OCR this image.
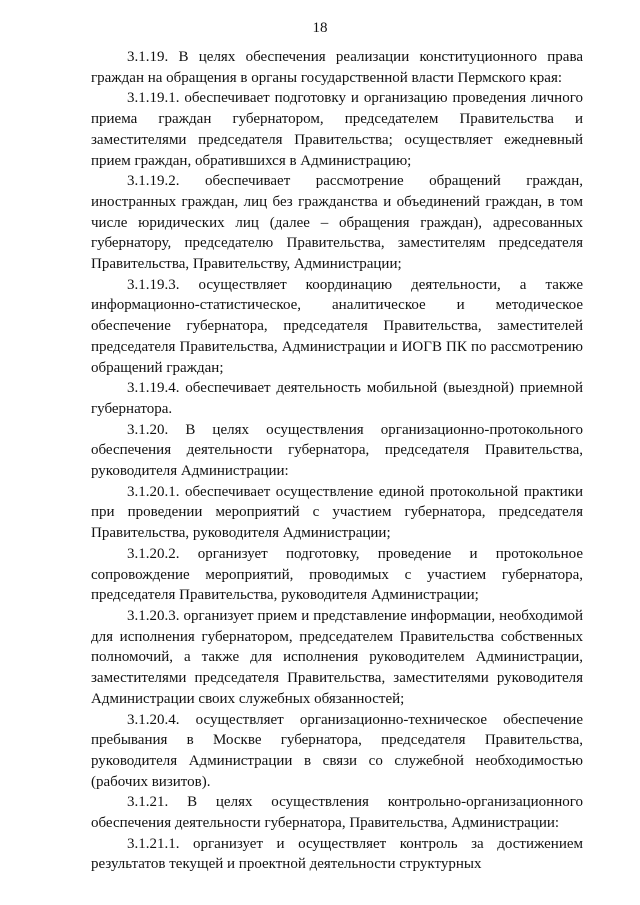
18

3.1.19. В целях обеспечения реализации конституционного права граждан на обращения в органы государственной власти Пермского края:

3.1.19.1. обеспечивает подготовку и организацию проведения личного приема граждан губернатором, председателем Правительства и заместителями председателя Правительства; осуществляет ежедневный прием граждан, обратившихся в Администрацию;

3.1.19.2. обеспечивает рассмотрение обращений граждан, иностранных граждан, лиц без гражданства и объединений граждан, в том числе юридических лиц (далее – обращения граждан), адресованных губернатору, председателю Правительства, заместителям председателя Правительства, Правительству, Администрации;

3.1.19.3. осуществляет координацию деятельности, а также информационно-статистическое, аналитическое и методическое обеспечение губернатора, председателя Правительства, заместителей председателя Правительства, Администрации и ИОГВ ПК по рассмотрению обращений граждан;

3.1.19.4. обеспечивает деятельность мобильной (выездной) приемной губернатора.

3.1.20. В целях осуществления организационно-протокольного обеспечения деятельности губернатора, председателя Правительства, руководителя Администрации:

3.1.20.1. обеспечивает осуществление единой протокольной практики при проведении мероприятий с участием губернатора, председателя Правительства, руководителя Администрации;

3.1.20.2. организует подготовку, проведение и протокольное сопровождение мероприятий, проводимых с участием губернатора, председателя Правительства, руководителя Администрации;

3.1.20.3. организует прием и представление информации, необходимой для исполнения губернатором, председателем Правительства собственных полномочий, а также для исполнения руководителем Администрации, заместителями председателя Правительства, заместителями руководителя Администрации своих служебных обязанностей;

3.1.20.4. осуществляет организационно-техническое обеспечение пребывания в Москве губернатора, председателя Правительства, руководителя Администрации в связи со служебной необходимостью (рабочих визитов).

3.1.21. В целях осуществления контрольно-организационного обеспечения деятельности губернатора, Правительства, Администрации:

3.1.21.1. организует и осуществляет контроль за достижением результатов текущей и проектной деятельности структурных
